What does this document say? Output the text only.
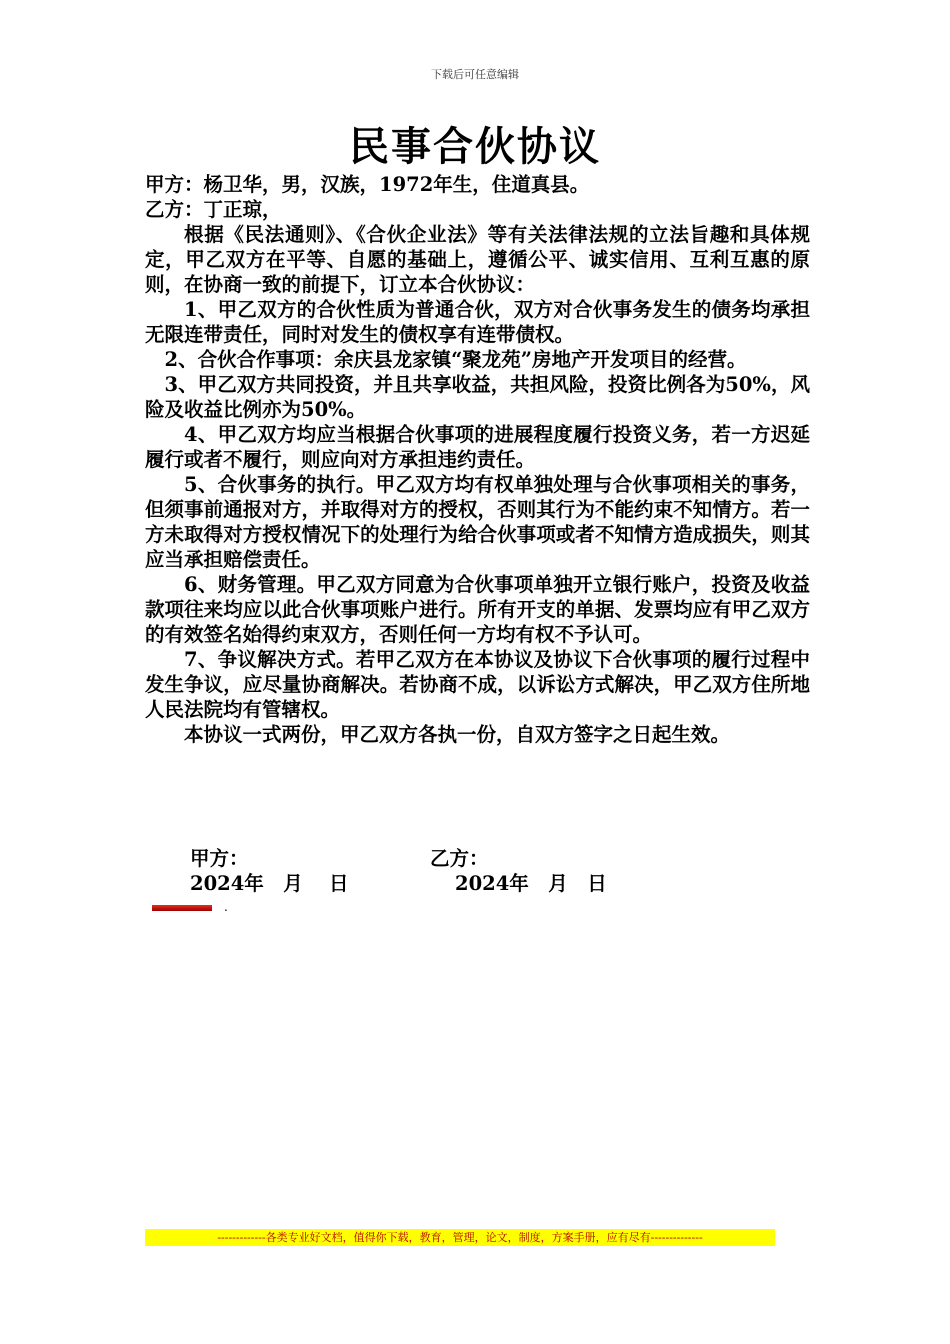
下载后可任意编辑
民事合伙协议

甲方：杨卫华，男，汉族，1972年生，住道真县。

乙方：丁正琼，

根据《民法通则》、《合伙企业法》等有关法律法规的立法旨趣和具体规定，甲乙双方在平等、自愿的基础上，遵循公平、诚实信用、互利互惠的原则，在协商一致的前提下，订立本合伙协议：

1、甲乙双方的合伙性质为普通合伙，双方对合伙事务发生的债务均承担无限连带责任，同时对发生的债权享有连带债权。

2、合伙合作事项：余庆县龙家镇“聚龙苑”房地产开发项目的经营。

3、甲乙双方共同投资，并且共享收益，共担风险，投资比例各为50%，风险及收益比例亦为50%。

4、甲乙双方均应当根据合伙事项的进展程度履行投资义务，若一方迟延履行或者不履行，则应向对方承担违约责任。

5、合伙事务的执行。甲乙双方均有权单独处理与合伙事项相关的事务，但须事前通报对方，并取得对方的授权，否则其行为不能约束不知情方。若一方未取得对方授权情况下的处理行为给合伙事项或者不知情方造成损失，则其应当承担赔偿责任。

6、财务管理。甲乙双方同意为合伙事项单独开立银行账户，投资及收益款项往来均应以此合伙事项账户进行。所有开支的单据、发票均应有甲乙双方的有效签名始得约束双方，否则任何一方均有权不予认可。

7、争议解决方式。若甲乙双方在本协议及协议下合伙事项的履行过程中发生争议，应尽量协商解决。若协商不成，以诉讼方式解决，甲乙双方住所地人民法院均有管辖权。

本协议一式两份，甲乙双方各执一份，自双方签字之日起生效。

甲方：	乙方：
2024年　月　 日	2024年　月　日
.
-------------各类专业好文档，值得你下载，教育，管理，论文，制度，方案手册，应有尽有--------------
